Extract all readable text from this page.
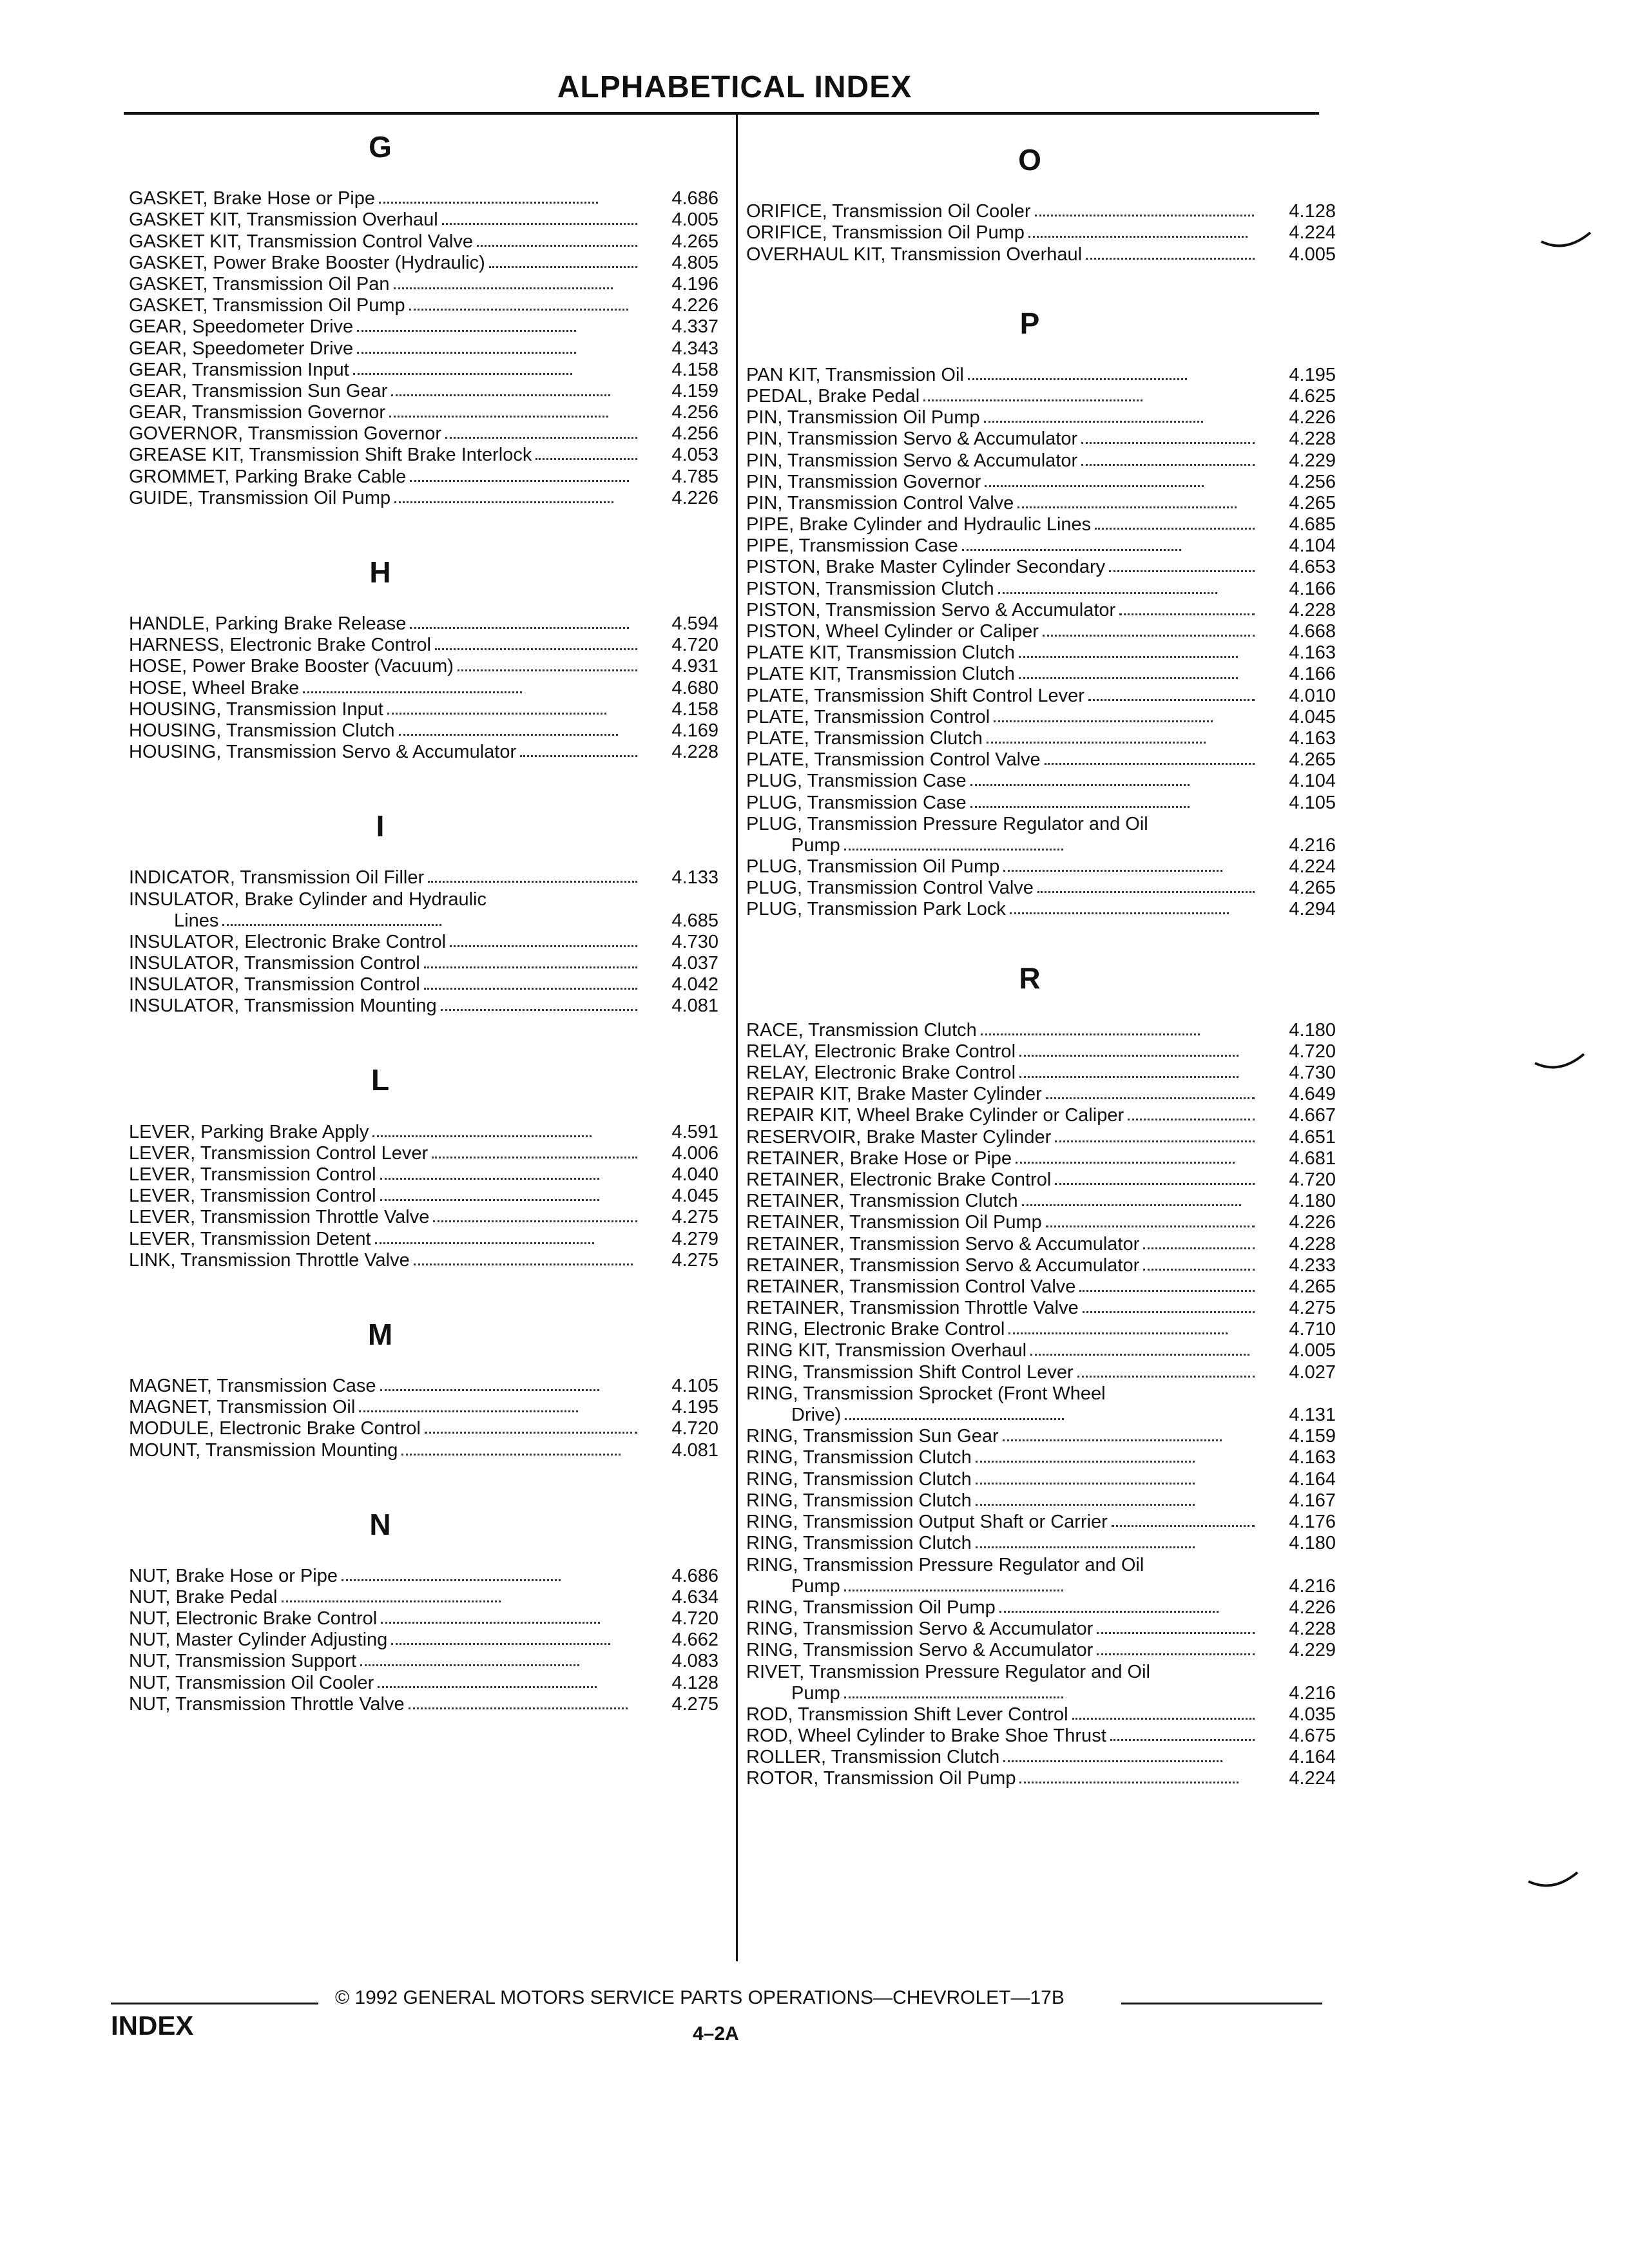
ALPHABETICAL INDEX
G
GASKET, Brake Hose or Pipe	4.686
GASKET KIT, Transmission Overhaul	4.005
GASKET KIT, Transmission Control Valve	4.265
GASKET, Power Brake Booster (Hydraulic)	4.805
GASKET, Transmission Oil Pan	4.196
GASKET, Transmission Oil Pump	4.226
GEAR, Speedometer Drive	4.337
GEAR, Speedometer Drive	4.343
GEAR, Transmission Input	4.158
GEAR, Transmission Sun Gear	4.159
GEAR, Transmission Governor	4.256
GOVERNOR, Transmission Governor	4.256
GREASE KIT, Transmission Shift Brake Interlock	4.053
GROMMET, Parking Brake Cable	4.785
GUIDE, Transmission Oil Pump	4.226
H
HANDLE, Parking Brake Release	4.594
HARNESS, Electronic Brake Control	4.720
HOSE, Power Brake Booster (Vacuum)	4.931
HOSE, Wheel Brake	4.680
HOUSING, Transmission Input	4.158
HOUSING, Transmission Clutch	4.169
HOUSING, Transmission Servo & Accumulator	4.228
I
INDICATOR, Transmission Oil Filler	4.133
INSULATOR, Brake Cylinder and Hydraulic
Lines	4.685
INSULATOR, Electronic Brake Control	4.730
INSULATOR, Transmission Control	4.037
INSULATOR, Transmission Control	4.042
INSULATOR, Transmission Mounting	4.081
L
LEVER, Parking Brake Apply	4.591
LEVER, Transmission Control Lever	4.006
LEVER, Transmission Control	4.040
LEVER, Transmission Control	4.045
LEVER, Transmission Throttle Valve	4.275
LEVER, Transmission Detent	4.279
LINK, Transmission Throttle Valve	4.275
M
MAGNET, Transmission Case	4.105
MAGNET, Transmission Oil	4.195
MODULE, Electronic Brake Control	4.720
MOUNT, Transmission Mounting	4.081
N
NUT, Brake Hose or Pipe	4.686
NUT, Brake Pedal	4.634
NUT, Electronic Brake Control	4.720
NUT, Master Cylinder Adjusting	4.662
NUT, Transmission Support	4.083
NUT, Transmission Oil Cooler	4.128
NUT, Transmission Throttle Valve	4.275
O
ORIFICE, Transmission Oil Cooler	4.128
ORIFICE, Transmission Oil Pump	4.224
OVERHAUL KIT, Transmission Overhaul	4.005
P
PAN KIT, Transmission Oil	4.195
PEDAL, Brake Pedal	4.625
PIN, Transmission Oil Pump	4.226
PIN, Transmission Servo & Accumulator	4.228
PIN, Transmission Servo & Accumulator	4.229
PIN, Transmission Governor	4.256
PIN, Transmission Control Valve	4.265
PIPE, Brake Cylinder and Hydraulic Lines	4.685
PIPE, Transmission Case	4.104
PISTON, Brake Master Cylinder Secondary	4.653
PISTON, Transmission Clutch	4.166
PISTON, Transmission Servo & Accumulator	4.228
PISTON, Wheel Cylinder or Caliper	4.668
PLATE KIT, Transmission Clutch	4.163
PLATE KIT, Transmission Clutch	4.166
PLATE, Transmission Shift Control Lever	4.010
PLATE, Transmission Control	4.045
PLATE, Transmission Clutch	4.163
PLATE, Transmission Control Valve	4.265
PLUG, Transmission Case	4.104
PLUG, Transmission Case	4.105
PLUG, Transmission Pressure Regulator and Oil
Pump	4.216
PLUG, Transmission Oil Pump	4.224
PLUG, Transmission Control Valve	4.265
PLUG, Transmission Park Lock	4.294
R
RACE, Transmission Clutch	4.180
RELAY, Electronic Brake Control	4.720
RELAY, Electronic Brake Control	4.730
REPAIR KIT, Brake Master Cylinder	4.649
REPAIR KIT, Wheel Brake Cylinder or Caliper	4.667
RESERVOIR, Brake Master Cylinder	4.651
RETAINER, Brake Hose or Pipe	4.681
RETAINER, Electronic Brake Control	4.720
RETAINER, Transmission Clutch	4.180
RETAINER, Transmission Oil Pump	4.226
RETAINER, Transmission Servo & Accumulator	4.228
RETAINER, Transmission Servo & Accumulator	4.233
RETAINER, Transmission Control Valve	4.265
RETAINER, Transmission Throttle Valve	4.275
RING, Electronic Brake Control	4.710
RING KIT, Transmission Overhaul	4.005
RING, Transmission Shift Control Lever	4.027
RING, Transmission Sprocket (Front Wheel
Drive)	4.131
RING, Transmission Sun Gear	4.159
RING, Transmission Clutch	4.163
RING, Transmission Clutch	4.164
RING, Transmission Clutch	4.167
RING, Transmission Output Shaft or Carrier	4.176
RING, Transmission Clutch	4.180
RING, Transmission Pressure Regulator and Oil
Pump	4.216
RING, Transmission Oil Pump	4.226
RING, Transmission Servo & Accumulator	4.228
RING, Transmission Servo & Accumulator	4.229
RIVET, Transmission Pressure Regulator and Oil
Pump	4.216
ROD, Transmission Shift Lever Control	4.035
ROD, Wheel Cylinder to Brake Shoe Thrust	4.675
ROLLER, Transmission Clutch	4.164
ROTOR, Transmission Oil Pump	4.224
© 1992 GENERAL MOTORS SERVICE PARTS OPERATIONS—CHEVROLET—17B
INDEX	4–2A
